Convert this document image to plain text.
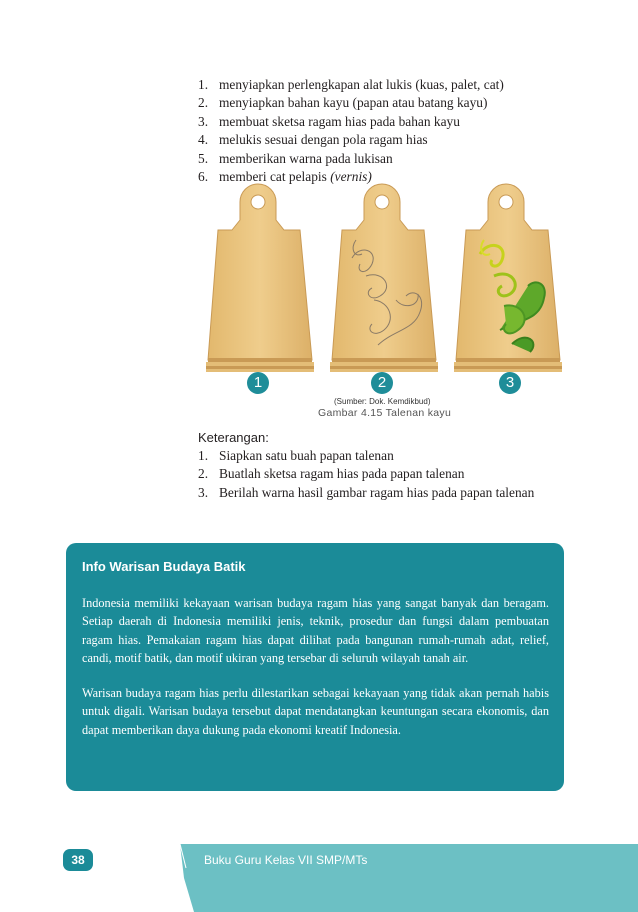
1. menyiapkan perlengkapan alat lukis (kuas, palet, cat)
2. menyiapkan bahan kayu (papan atau batang kayu)
3. membuat sketsa ragam hias pada bahan kayu
4. melukis sesuai dengan pola ragam hias
5. memberikan warna pada lukisan
6. memberi cat pelapis (vernis)
1	2	3
(Sumber: Dok. Kemdikbud)
Gambar 4.15 Talenan kayu
Keterangan:
1. Siapkan satu buah papan talenan
2. Buatlah sketsa ragam hias pada papan talenan
3. Berilah warna hasil gambar ragam hias pada papan talenan
Info Warisan Budaya Batik

Indonesia memiliki kekayaan warisan budaya ragam hias yang sangat banyak dan beragam. Setiap daerah di Indonesia memiliki jenis, teknik, prosedur dan fungsi dalam pembuatan ragam hias. Pemakaian ragam hias dapat dilihat pada bangunan rumah-rumah adat, relief, candi, motif batik, dan motif ukiran yang tersebar di seluruh wilayah tanah air.

Warisan budaya ragam hias perlu dilestarikan sebagai kekayaan yang tidak akan pernah habis untuk digali. Warisan budaya tersebut dapat mendatangkan keuntungan secara ekonomis, dan dapat memberikan daya dukung pada ekonomi kreatif Indonesia.

38	Buku Guru Kelas VII SMP/MTs
